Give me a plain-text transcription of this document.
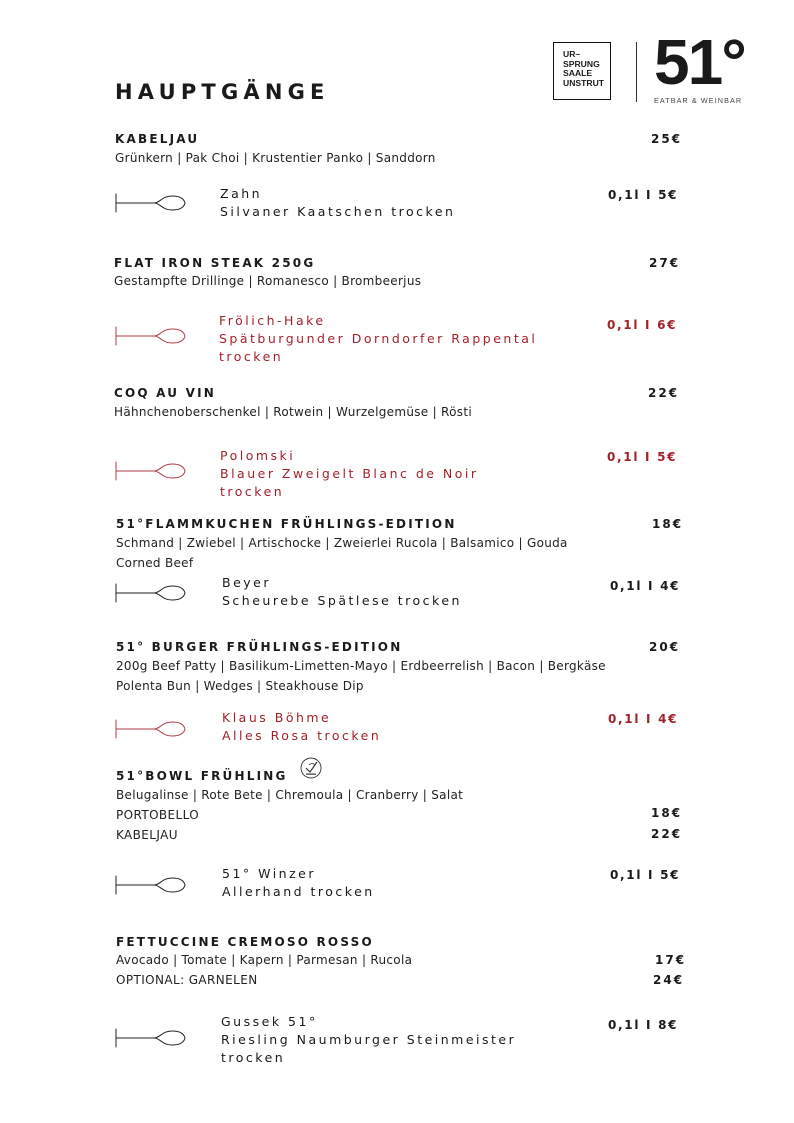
HAUPTGÄNGE
UR–
SPRUNG
SAALE
UNSTRUT 51°
EATBAR & WEINBAR
KABELJAU	25€
Grünkern | Pak Choi | Krustentier Panko | Sanddorn
Zahn
Silvaner Kaatschen trocken
0,1l I 5€
FLAT IRON STEAK 250G	27€
Gestampfte Drillinge | Romanesco | Brombeerjus
Frölich-Hake
Spätburgunder Dorndorfer Rappental
trocken
0,1l I 6€
COQ AU VIN	22€
Hähnchenoberschenkel | Rotwein | Wurzelgemüse | Rösti
Polomski
Blauer Zweigelt Blanc de Noir
trocken
0,1l I 5€
51°FLAMMKUCHEN FRÜHLINGS-EDITION	18€
Schmand | Zwiebel | Artischocke | Zweierlei Rucola | Balsamico | Gouda
Corned Beef
Beyer
Scheurebe Spätlese trocken
0,1l I 4€
51° BURGER FRÜHLINGS-EDITION	20€
200g Beef Patty | Basilikum-Limetten-Mayo | Erdbeerrelish | Bacon | Bergkäse
Polenta Bun | Wedges | Steakhouse Dip
Klaus Böhme
Alles Rosa trocken
0,1l I 4€
51°BOWL FRÜHLING
Belugalinse | Rote Bete | Chremoula | Cranberry | Salat
PORTOBELLO	18€
KABELJAU	22€
51° Winzer
Allerhand trocken
0,1l I 5€
FETTUCCINE CREMOSO ROSSO
17€
Avocado | Tomate | Kapern | Parmesan | Rucola
OPTIONAL: GARNELEN	24€
Gussek 51°
Riesling Naumburger Steinmeister
trocken
0,1l I 8€
